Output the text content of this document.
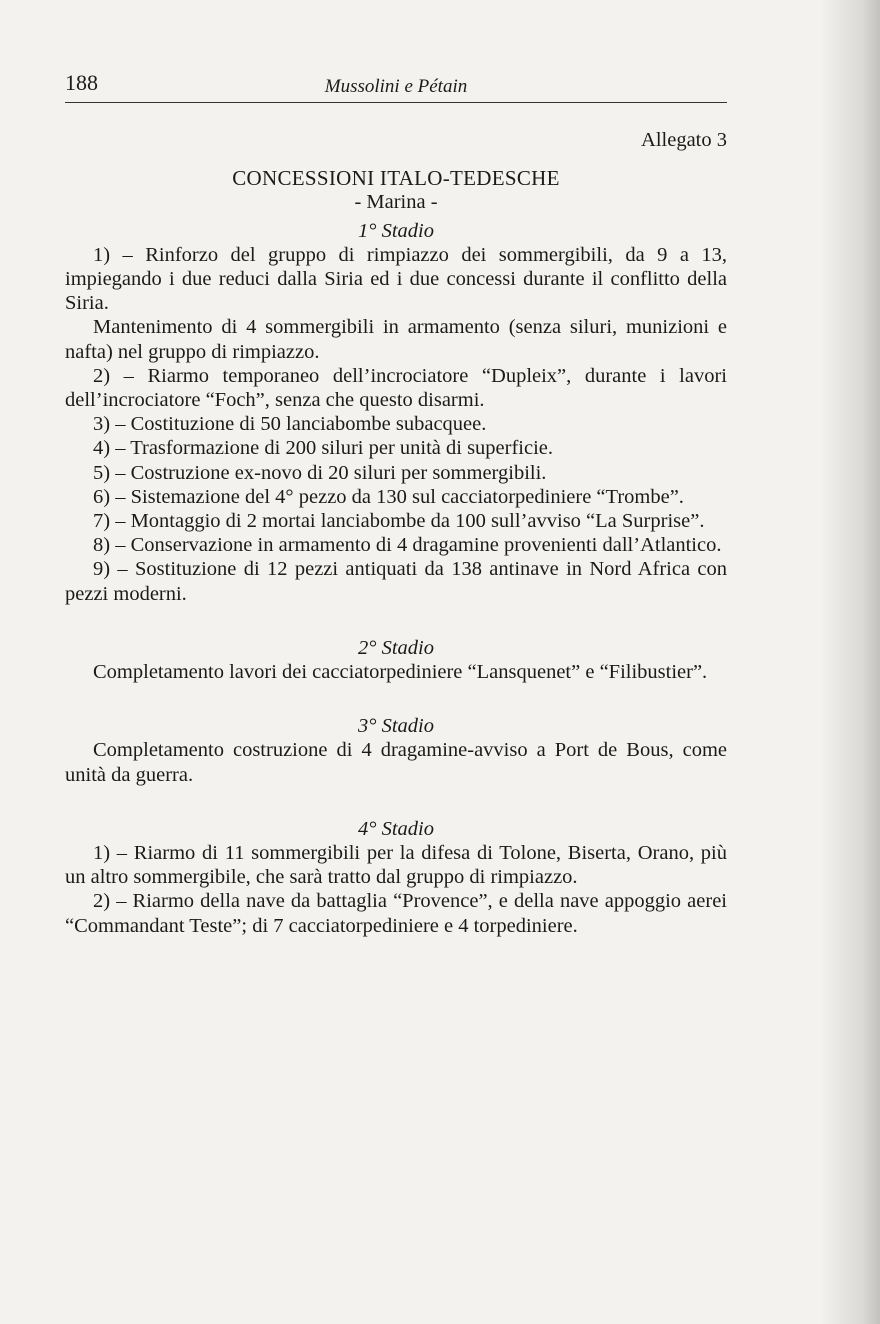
188	Mussolini e Pétain

Allegato 3

CONCESSIONI ITALO-TEDESCHE

- Marina -

1° Stadio

1) – Rinforzo del gruppo di rimpiazzo dei sommergibili, da 9 a 13, impiegando i due reduci dalla Siria ed i due concessi durante il conflitto della Siria.

Mantenimento di 4 sommergibili in armamento (senza siluri, munizioni e nafta) nel gruppo di rimpiazzo.

2) – Riarmo temporaneo dell’incrociatore “Dupleix”, durante i lavori dell’incrociatore “Foch”, senza che questo disarmi.

3) – Costituzione di 50 lanciabombe subacquee.

4) – Trasformazione di 200 siluri per unità di superficie.

5) – Costruzione ex-novo di 20 siluri per sommergibili.

6) – Sistemazione del 4° pezzo da 130 sul cacciatorpediniere “Trombe”.

7) – Montaggio di 2 mortai lanciabombe da 100 sull’avviso “La Surprise”.

8) – Conservazione in armamento di 4 dragamine provenienti dall’Atlantico.

9) – Sostituzione di 12 pezzi antiquati da 138 antinave in Nord Africa con pezzi moderni.

2° Stadio

Completamento lavori dei cacciatorpediniere “Lansquenet” e “Filibustier”.

3° Stadio

Completamento costruzione di 4 dragamine-avviso a Port de Bous, come unità da guerra.

4° Stadio

1) – Riarmo di 11 sommergibili per la difesa di Tolone, Biserta, Orano, più un altro sommergibile, che sarà tratto dal gruppo di rimpiazzo.

2) – Riarmo della nave da battaglia “Provence”, e della nave appoggio aerei “Commandant Teste”; di 7 cacciatorpediniere e 4 torpediniere.
